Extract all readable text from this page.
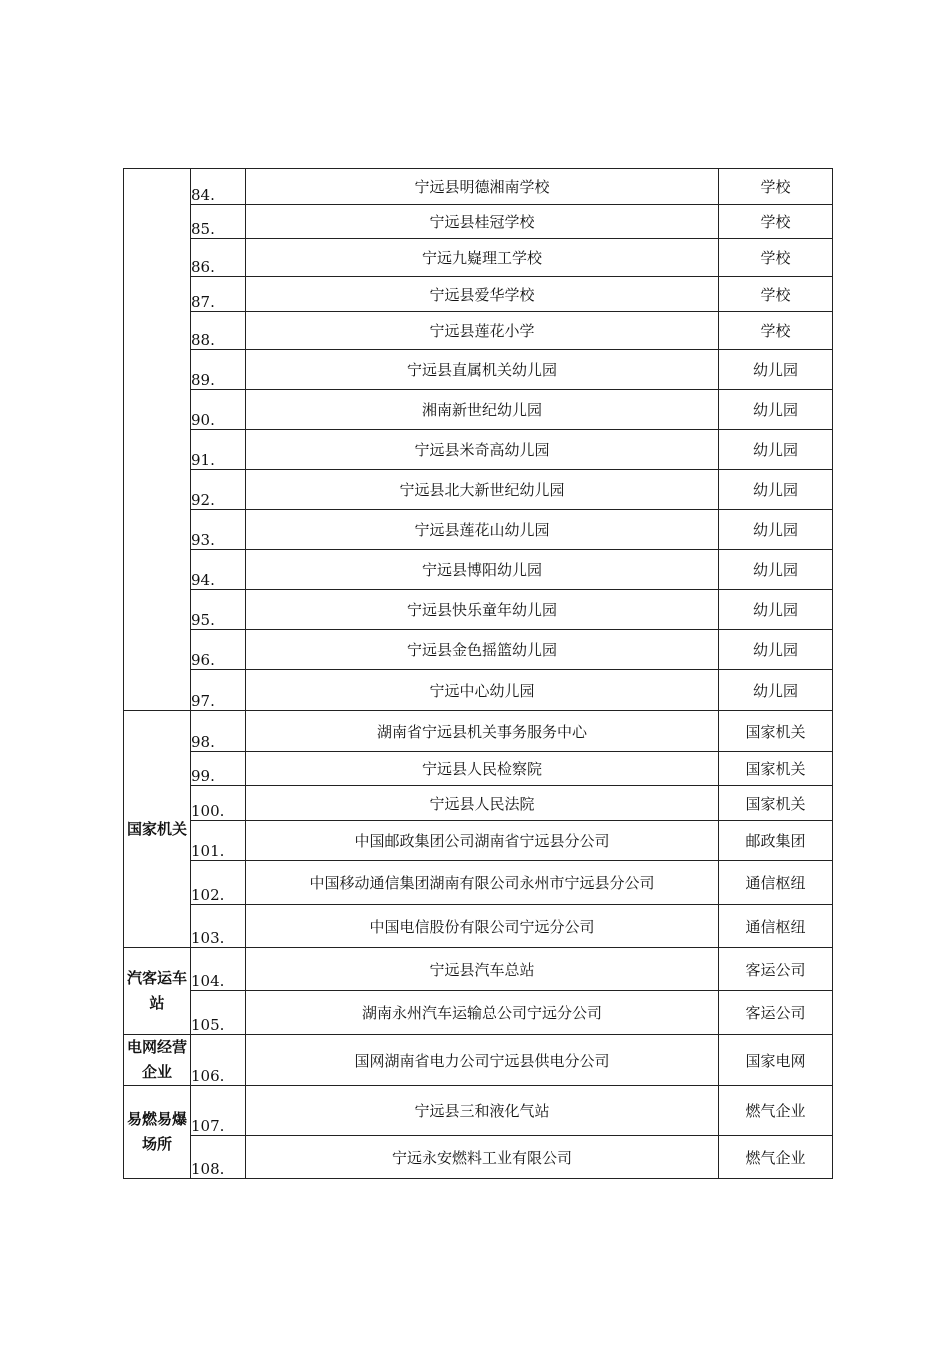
	84.	宁远县明德湘南学校	学校
	85.	宁远县桂冠学校	学校
	86.	宁远九嶷理工学校	学校
	87.	宁远县爱华学校	学校
	88.	宁远县莲花小学	学校
	89.	宁远县直属机关幼儿园	幼儿园
	90.	湘南新世纪幼儿园	幼儿园
	91.	宁远县米奇高幼儿园	幼儿园
	92.	宁远县北大新世纪幼儿园	幼儿园
	93.	宁远县莲花山幼儿园	幼儿园
	94.	宁远县博阳幼儿园	幼儿园
	95.	宁远县快乐童年幼儿园	幼儿园
	96.	宁远县金色摇篮幼儿园	幼儿园
	97.	宁远中心幼儿园	幼儿园
国家机关	98.	湖南省宁远县机关事务服务中心	国家机关
	99.	宁远县人民检察院	国家机关
	100.	宁远县人民法院	国家机关
	101.	中国邮政集团公司湖南省宁远县分公司	邮政集团
	102.	中国移动通信集团湖南有限公司永州市宁远县分公司	通信枢纽
	103.	中国电信股份有限公司宁远分公司	通信枢纽
汽客运车站	104.	宁远县汽车总站	客运公司
	105.	湖南永州汽车运输总公司宁远分公司	客运公司
电网经营企业	106.	国网湖南省电力公司宁远县供电分公司	国家电网
易燃易爆场所	107.	宁远县三和液化气站	燃气企业
	108.	宁远永安燃料工业有限公司	燃气企业
